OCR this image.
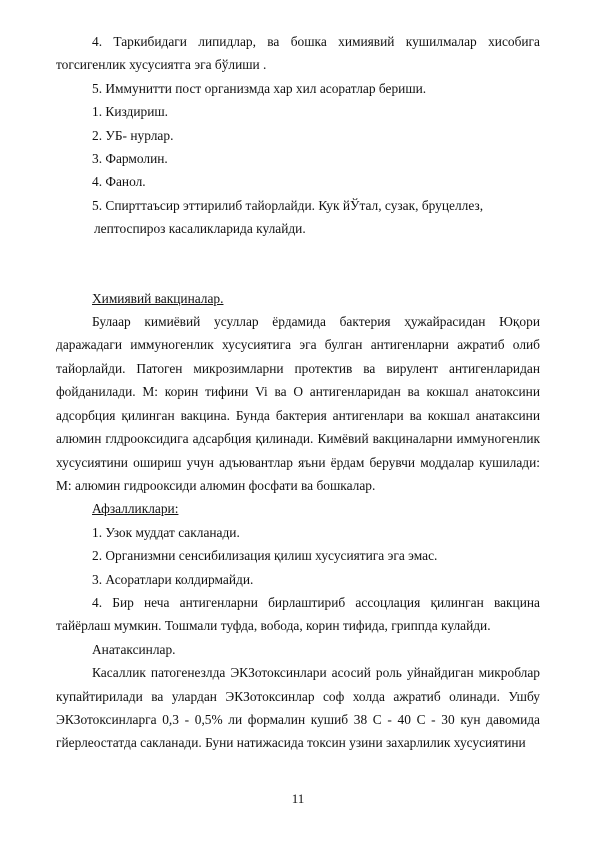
4. Таркибидаги липидлар, ва бошка химиявий кушилмалар хисобига тогсигенлик хусусиятга эга бўлиши .

5. Иммунитти пост организмда хар хил асоратлар бериши.

1. Киздириш.

2. УБ- нурлар.

3. Фармолин.

4. Фанол.

5. Спирттаъсир эттирилиб тайорлайди. Кук йЎтал, сузак, бруцеллез,

лептоспироз касаликларида кулайди.

Химиявий вакциналар.

Булаар кимиёвий усуллар ёрдамида бактерия ҳужайрасидан Юқори даражадаги иммуногенлик хусусиятига эга булган антигенларни ажратиб олиб тайорлайди. Патоген микрозимларни протектив ва вирулент антигенларидан фойданилади. М: корин тифини Vi ва О антигенларидан ва кокшал анатоксини адсорбция қилинган вакцина. Бунда бактерия антигенлари ва кокшал анатаксини алюмин глдрооксидига адсарбция қилинади. Кимёвий вакциналарни иммуногенлик хусусиятини ошириш учун адъювантлар яъни ёрдам берувчи моддалар кушилади: М: алюмин гидрооксиди алюмин фосфати ва бошкалар.

Афзалликлари:

1. Узок муддат сакланади.

2. Организмни сенсибилизация қилиш хусусиятига эга эмас.

3. Асоратлари колдирмайди.

4. Бир неча антигенларни бирлаштириб ассоцлация қилинган вакцина тайёрлаш мумкин. Тошмали туфда, вобода, корин тифида, гриппда кулайди.

Анатаксинлар.

Касаллик патогенезлда ЭКЗотоксинлари асосий роль уйнайдиган микроблар купайтирилади ва улардан ЭКЗотоксинлар соф холда ажратиб олинади. Ушбу ЭКЗотоксинларга 0,3 - 0,5% ли формалин кушиб 38 С - 40 С - 30 кун давомида гйерлеостатда сакланади. Буни натижасида токсин узини захарлилик хусусиятини

11
